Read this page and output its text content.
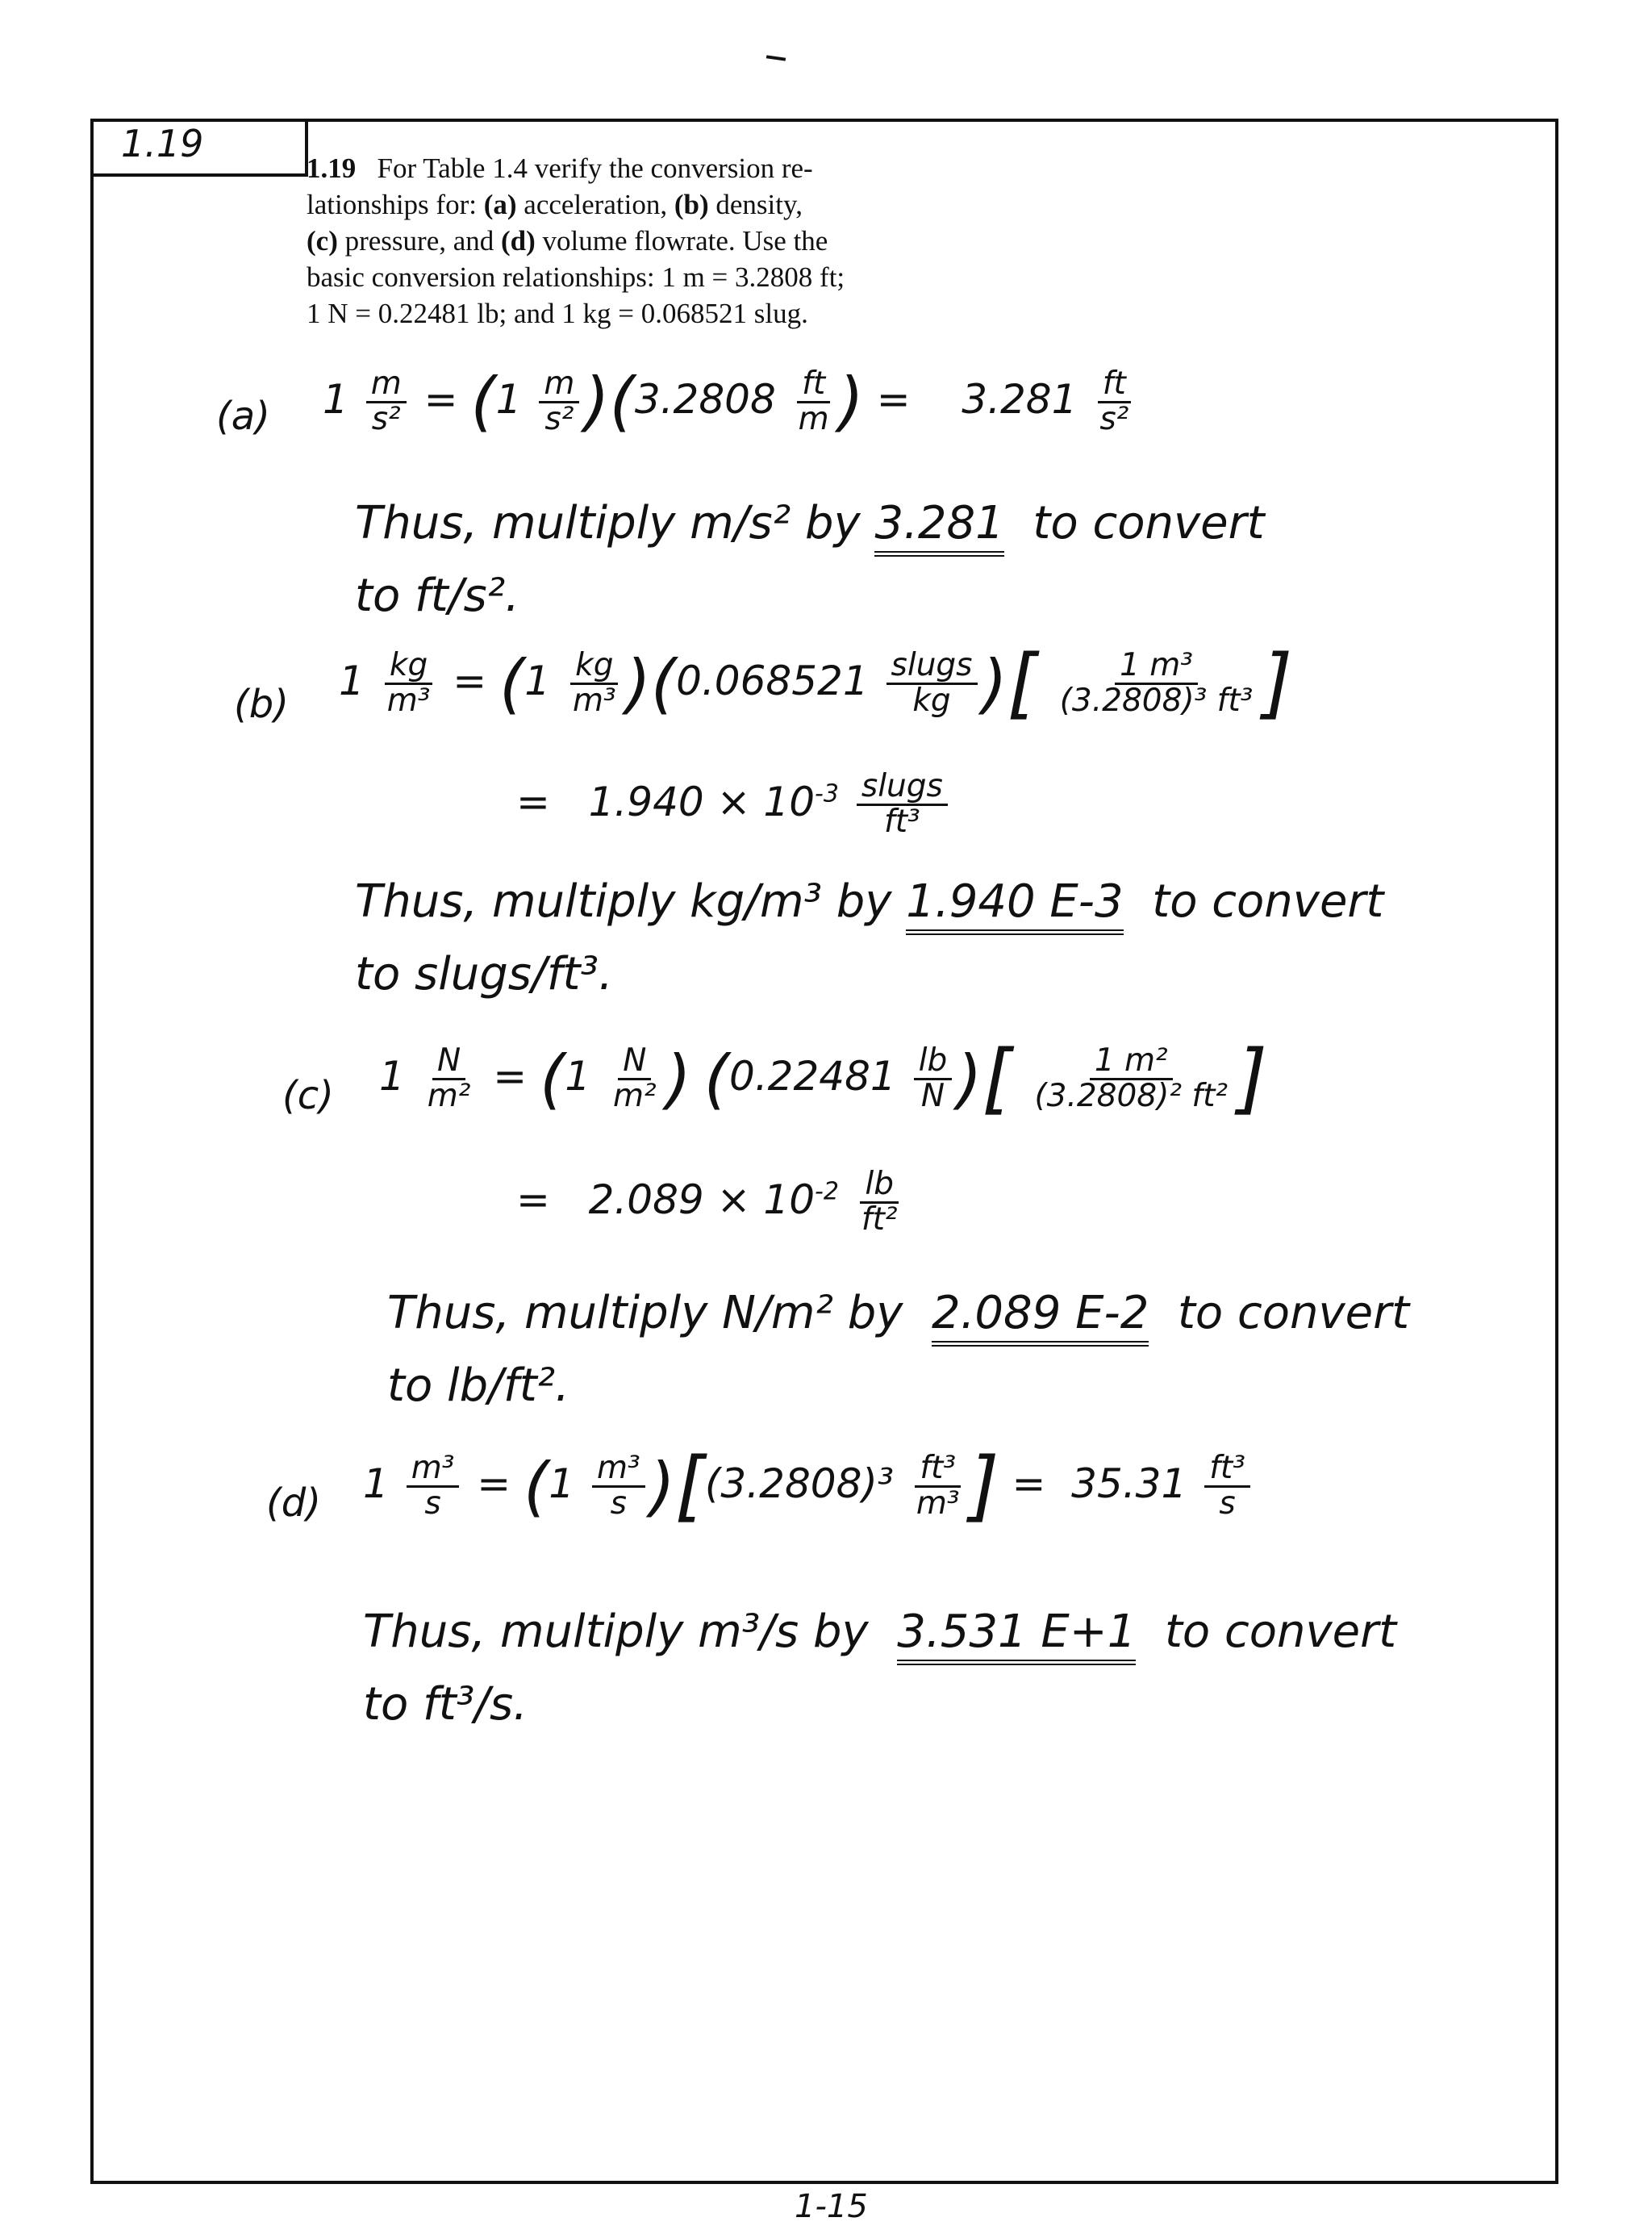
1.19
1.19 For Table 1.4 verify the conversion re-
lationships for: (a) acceleration, (b) density,
(c) pressure, and (d) volume flowrate. Use the
basic conversion relationships: 1 m = 3.2808 ft;
1 N = 0.22481 lb; and 1 kg = 0.068521 slug.
(a) $1 \frac{m}{\text{s²}} = (1 \frac{m}{\text{s²}} )(3.2808 \frac{ft}{m}$ ) = $3.281 \frac{ft}{\text{s²}}$
Thus, multiply m/s² by 3.281 to convert
to ft/s².
(b) $1 \frac{kg}{\text{m³}} = (1 \frac{kg}{\text{m³}} )(0.068521 \frac{\text{slugs}}{kg}$ )[ $\frac{\text{1 m³}}{\text{(3.2808)³ ft³}}$ ]
= $1.940 \times 10^{-3} \frac{\text{slugs}}{\text{ft³}}$
Thus, multiply kg/m³ by 1.940 E-3 to convert
to slugs/ft³.
(c) $1 \frac{N}{\text{m²}} = (1 \frac{N}{\text{m²}}$ ) ($0.22481 \frac{lb}{N}$ )[ $\frac{\text{1 m²}}{\text{(3.2808)² ft²}}$ ]
= $2.089 \times 10^{-2} \frac{lb}{\text{ft²}}$
Thus, multiply N/m² by 2.089 E-2 to convert
to lb/ft².
(d) $1 \frac{\text{m³}}{s} = (1 \frac{\text{m³}}{s} )[(3.2808)^3 \frac{\text{ft³}}{\text{m³}}$ ] = $35.31 \frac{\text{ft³}}{s}$
Thus, multiply m³/s by 3.531 E+1 to convert
to ft³/s.
1-15
